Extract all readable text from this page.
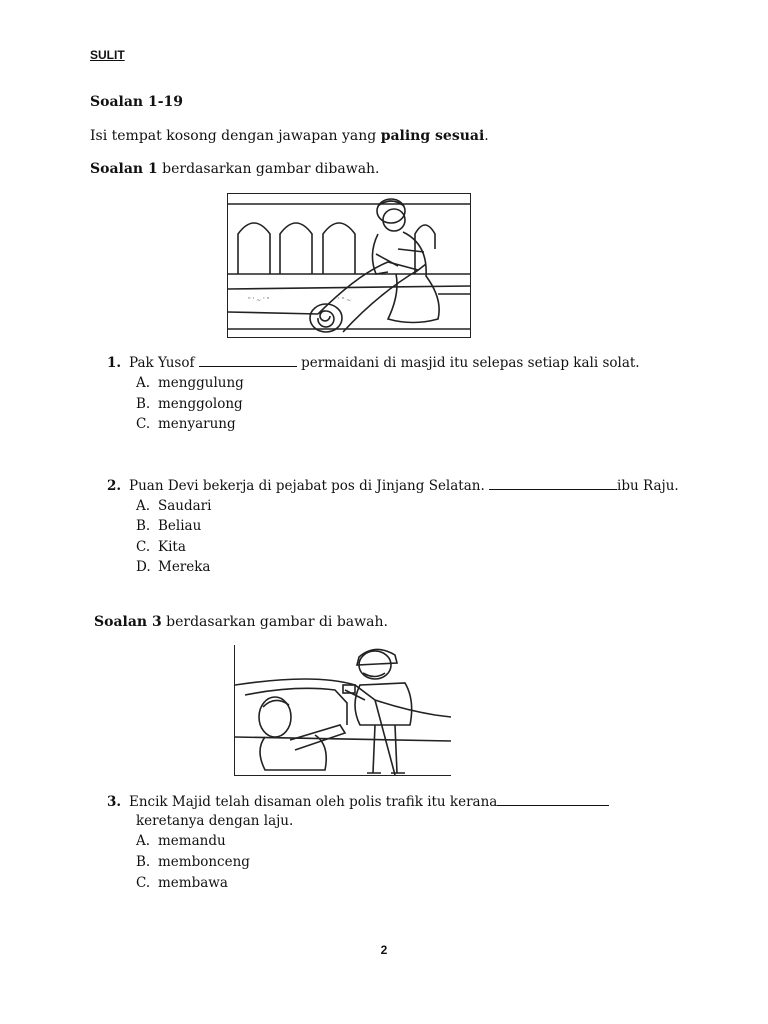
SULIT
Soalan 1-19
Isi tempat kosong dengan jawapan yang paling sesuai.
Soalan 1 berdasarkan gambar dibawah.
" ' ~ ' "	' " ~
1. Pak Yusof	permaidani di masjid itu selepas setiap kali solat.
A. menggulung
B. menggolong
C. menyarung
2. Puan Devi bekerja di pejabat pos di Jinjang Selatan.	ibu Raju.
A. Saudari
B. Beliau
C. Kita
D. Mereka
Soalan 3 berdasarkan gambar di bawah.
3. Encik Majid telah disaman oleh polis trafik itu kerana
keretanya dengan laju.
A. memandu
B. membonceng
C. membawa
2
